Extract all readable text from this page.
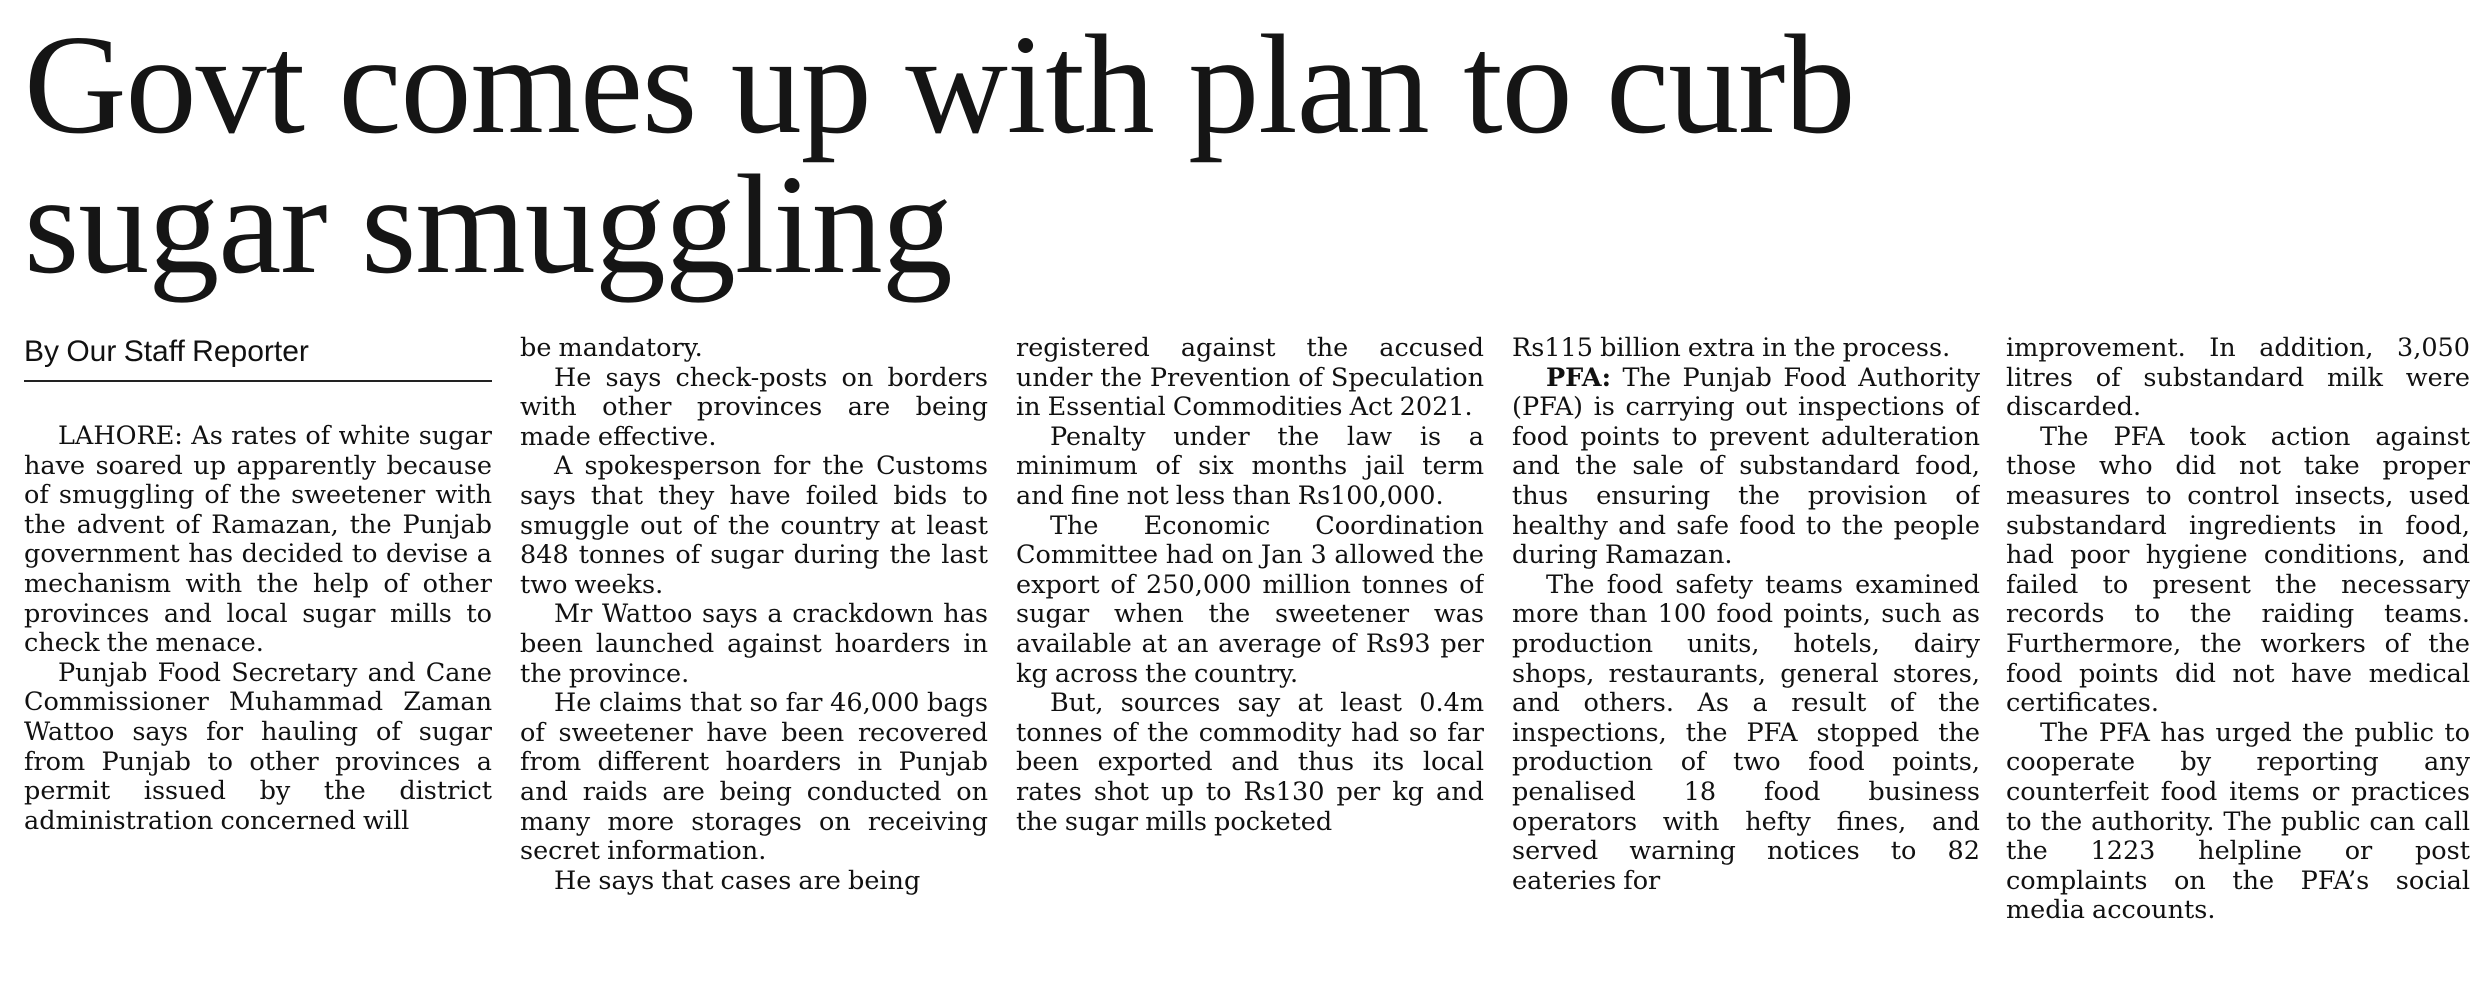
Govt comes up with plan to curb sugar smuggling
By Our Staff Reporter

LAHORE: As rates of white sugar have soared up apparently because of smuggling of the sweetener with the advent of Ramazan, the Punjab government has decided to devise a mechanism with the help of other provinces and local sugar mills to check the menace.

Punjab Food Secretary and Cane Commissioner Muhammad Zaman Wattoo says for hauling of sugar from Punjab to other provinces a permit issued by the district administration concerned will

be mandatory.

He says check-posts on borders with other provinces are being made effective.

A spokesperson for the Customs says that they have foiled bids to smuggle out of the country at least 848 tonnes of sugar during the last two weeks.

Mr Wattoo says a crackdown has been launched against hoarders in the province.

He claims that so far 46,000 bags of sweetener have been recovered from different hoarders in Punjab and raids are being conducted on many more storages on receiving secret information.

He says that cases are being

registered against the accused under the Prevention of Speculation in Essential Commodities Act 2021.

Penalty under the law is a minimum of six months jail term and fine not less than Rs100,000.

The Economic Coordination Committee had on Jan 3 allowed the export of 250,000 million tonnes of sugar when the sweetener was available at an average of Rs93 per kg across the country.

But, sources say at least 0.4m tonnes of the commodity had so far been exported and thus its local rates shot up to Rs130 per kg and the sugar mills pocketed

Rs115 billion extra in the process.

PFA: The Punjab Food Authority (PFA) is carrying out inspections of food points to prevent adulteration and the sale of substandard food, thus ensuring the provision of healthy and safe food to the people during Ramazan.

The food safety teams examined more than 100 food points, such as production units, hotels, dairy shops, restaurants, general stores, and others. As a result of the inspections, the PFA stopped the production of two food points, penalised 18 food business operators with hefty fines, and served warning notices to 82 eateries for

improvement. In addition, 3,050 litres of substandard milk were discarded.

The PFA took action against those who did not take proper measures to control insects, used substandard ingredients in food, had poor hygiene conditions, and failed to present the necessary records to the raiding teams. Furthermore, the workers of the food points did not have medical certificates.

The PFA has urged the public to cooperate by reporting any counterfeit food items or practices to the authority. The public can call the 1223 helpline or post complaints on the PFA’s social media accounts.
